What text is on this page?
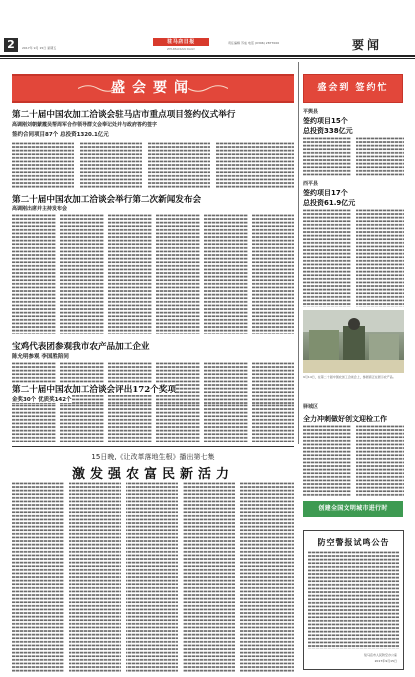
2	2017年 9月 15日 星期五
驻马店日报
ZHUMADIAN DAILY
责任编辑 苏成 电话 (0396) 2877000	要闻
盛会要闻	盛会到 签约忙
第二十届中国农加工洽谈会驻马店市重点项目签约仪式举行
高调刚刘朝蒙霞吴帮周军合作领导群文会奉记处并与政府答约签字
签约合同项目87个 总投资1320.1亿元
第二十届中国农加工洽谈会举行第二次新闻发布会
高调刚出席并主持发布会
宝鸡代表团参观我市农产品加工企业
陈允明参观 李国胜陪同
第二十届中国农加工洽谈会评出172个奖项
金奖30个 优质奖142个
平舆县
签约项目15个
总投资338亿元
西平县
签约项目17个
总投资61.9亿元
9月14日，在第二十届中国农加工洽谈会上，参展商正在展示农产品。
驿城区
全力冲刺做好创文迎检工作
创建全国文明城市进行时
15日晚,《让改革落地生根》播出第七集
激发强农富民新活力
防空警报试鸣公告
驻马店市人民防空办公室
2017年9月15日
